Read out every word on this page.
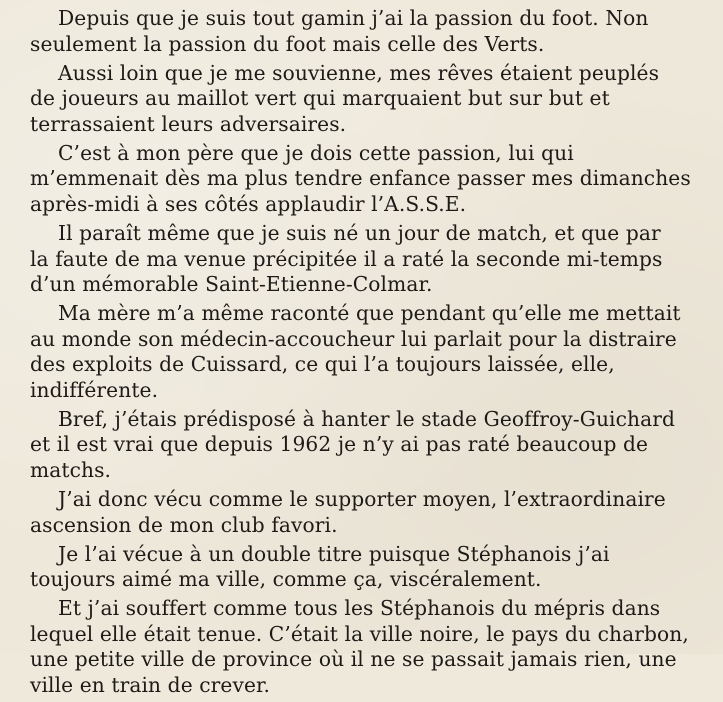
Depuis que je suis tout gamin j’ai la passion du foot. Non
seulement la passion du foot mais celle des Verts.

Aussi loin que je me souvienne, mes rêves étaient peuplés
de joueurs au maillot vert qui marquaient but sur but et
terrassaient leurs adversaires.

C’est à mon père que je dois cette passion, lui qui
m’emmenait dès ma plus tendre enfance passer mes dimanches
après-midi à ses côtés applaudir l’A.S.S.E.

Il paraît même que je suis né un jour de match, et que par
la faute de ma venue précipitée il a raté la seconde mi-temps
d’un mémorable Saint-Etienne-Colmar.

Ma mère m’a même raconté que pendant qu’elle me mettait
au monde son médecin-accoucheur lui parlait pour la distraire
des exploits de Cuissard, ce qui l’a toujours laissée, elle,
indifférente.

Bref, j’étais prédisposé à hanter le stade Geoffroy-Guichard
et il est vrai que depuis 1962 je n’y ai pas raté beaucoup de
matchs.

J’ai donc vécu comme le supporter moyen, l’extraordinaire
ascension de mon club favori.

Je l’ai vécue à un double titre puisque Stéphanois j’ai
toujours aimé ma ville, comme ça, viscéralement.

Et j’ai souffert comme tous les Stéphanois du mépris dans
lequel elle était tenue. C’était la ville noire, le pays du charbon,
une petite ville de province où il ne se passait jamais rien, une
ville en train de crever.
